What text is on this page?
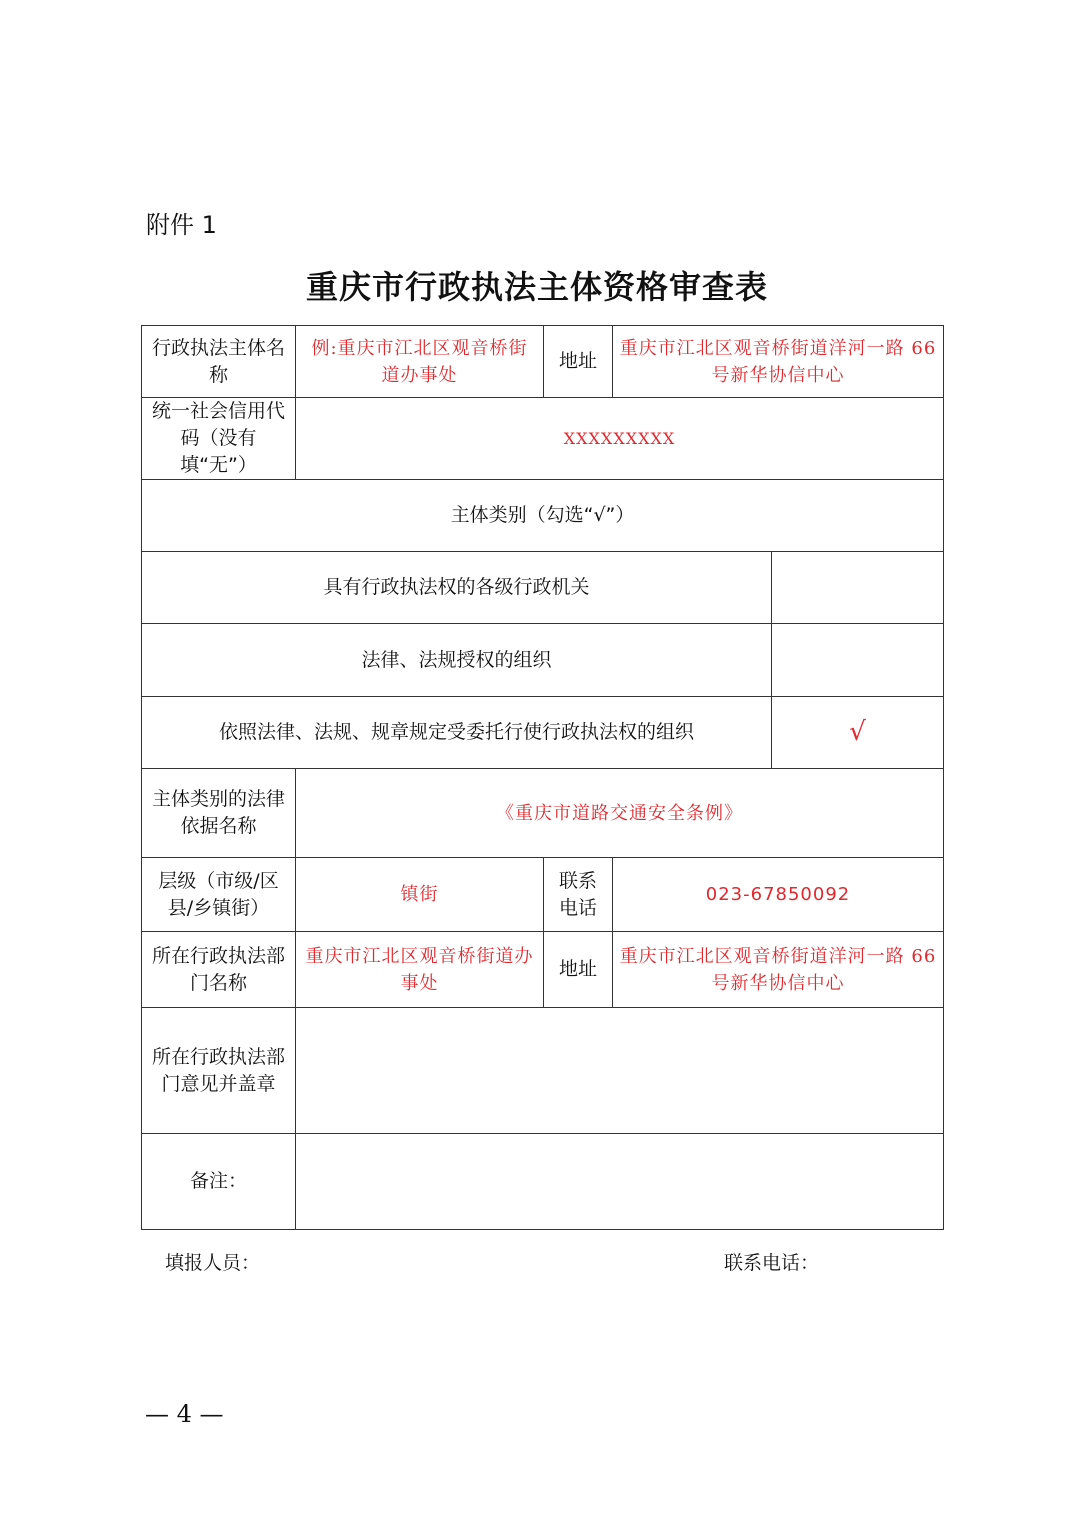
附件 1
重庆市行政执法主体资格审查表
行政执法主体名称	例:重庆市江北区观音桥街道办事处	地址	重庆市江北区观音桥街道洋河一路 66 号新华协信中心	
统一社会信用代码（没有填“无”）	XXXXXXXXX			
主体类别（勾选“√”）				
具有行政执法权的各级行政机关				
法律、法规授权的组织				
依照法律、法规、规章规定受委托行使行政执法权的组织				√
主体类别的法律依据名称	《重庆市道路交通安全条例》			
层级（市级/区县/乡镇街）	镇街	联系电话	023-67850092	
所在行政执法部门名称	重庆市江北区观音桥街道办事处	地址	重庆市江北区观音桥街道洋河一路 66 号新华协信中心	
所在行政执法部门意见并盖章				
备注：				
填报人员：	联系电话：
— 4 —
